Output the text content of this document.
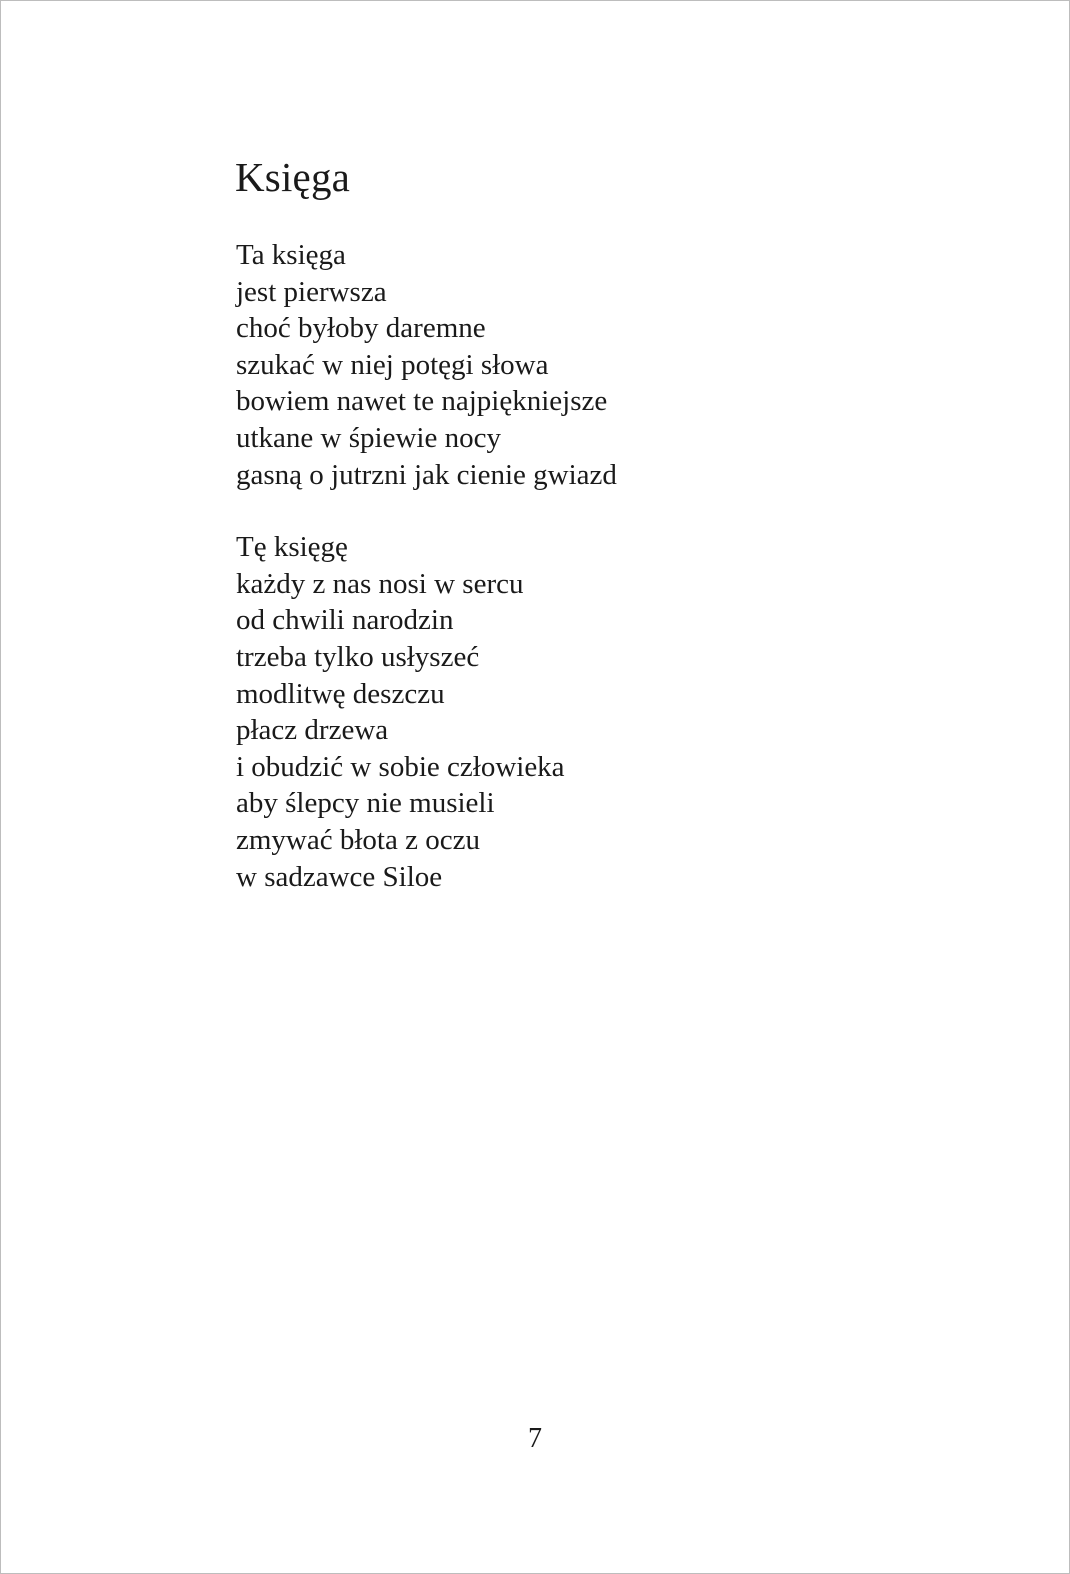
Księga

Ta księga
jest pierwsza
choć byłoby daremne
szukać w niej potęgi słowa
bowiem nawet te najpiękniejsze
utkane w śpiewie nocy
gasną o jutrzni jak cienie gwiazd

Tę księgę
każdy z nas nosi w sercu
od chwili narodzin
trzeba tylko usłyszeć
modlitwę deszczu
płacz drzewa
i obudzić w sobie człowieka
aby ślepcy nie musieli
zmywać błota z oczu
w sadzawce Siloe

7
